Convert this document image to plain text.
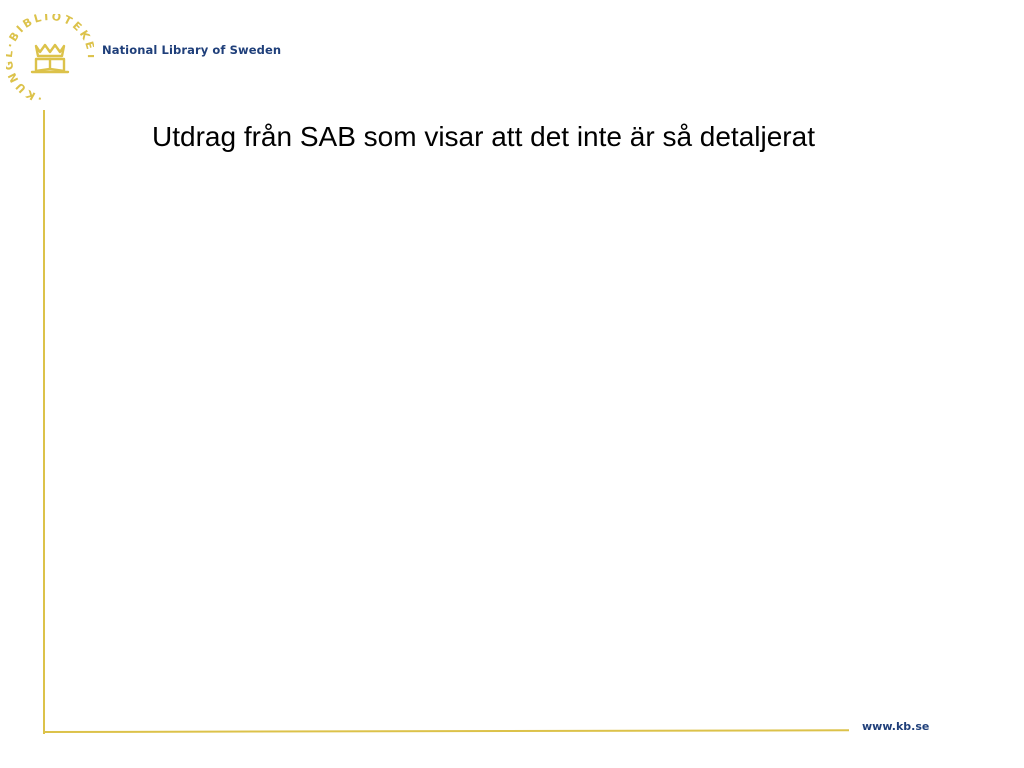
·KUN BIBLIOTEK
National Library of Sweden
Utdrag från SAB som visar att det inte är så detaljerat
www.kb.se
